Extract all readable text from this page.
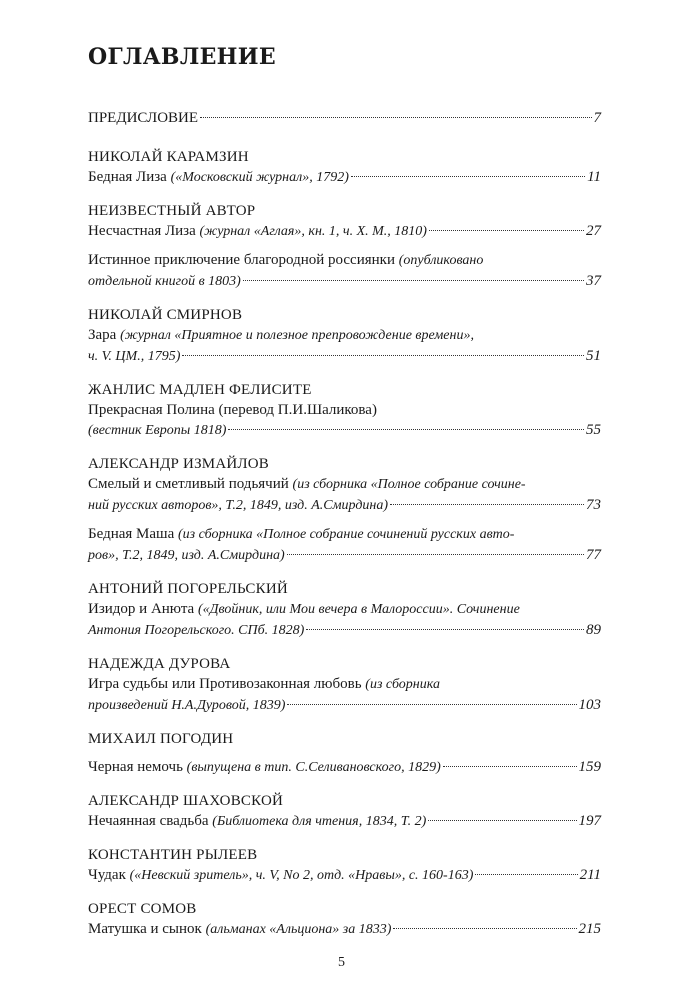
ОГЛАВЛЕНИЕ
ПРЕДИСЛОВИЕ	7
НИКОЛАЙ КАРАМЗИН
Бедная Лиза («Московский журнал», 1792)	11
НЕИЗВЕСТНЫЙ АВТОР
Несчастная Лиза (журнал «Аглая», кн. 1, ч. Х. М., 1810)	27
Истинное приключение благородной россиянки (опубликовано
отдельной книгой в 1803)	37
НИКОЛАЙ СМИРНОВ
Зара (журнал «Приятное и полезное препровождение времени»,
ч. V. ЦМ., 1795)	51
ЖАНЛИС МАДЛЕН ФЕЛИСИТЕ
Прекрасная Полина (перевод П.И.Шаликова)
(вестник Европы 1818)	55
АЛЕКСАНДР ИЗМАЙЛОВ
Смелый и сметливый подьячий (из сборника «Полное собрание сочине-
ний русских авторов», Т.2, 1849, изд. А.Смирдина)	73
Бедная Маша (из сборника «Полное собрание сочинений русских авто-
ров», Т.2, 1849, изд. А.Смирдина)	77
АНТОНИЙ ПОГОРЕЛЬСКИЙ
Изидор и Анюта («Двойник, или Мои вечера в Малороссии». Сочинение
Антония Погорельского. СПб. 1828)	89
НАДЕЖДА ДУРОВА
Игра судьбы или Противозаконная любовь (из сборника
произведений Н.А.Дуровой, 1839)	103
МИХАИЛ ПОГОДИН
Черная немочь (выпущена в тип. С.Селивановского, 1829)	159
АЛЕКСАНДР ШАХОВСКОЙ
Нечаянная свадьба (Библиотека для чтения, 1834, Т. 2)	197
КОНСТАНТИН РЫЛЕЕВ
Чудак («Невский зритель», ч. V, No 2, отд. «Нравы», с. 160-163)	211
ОРЕСТ СОМОВ
Матушка и сынок (альманах «Альциона» за 1833)	215
5
